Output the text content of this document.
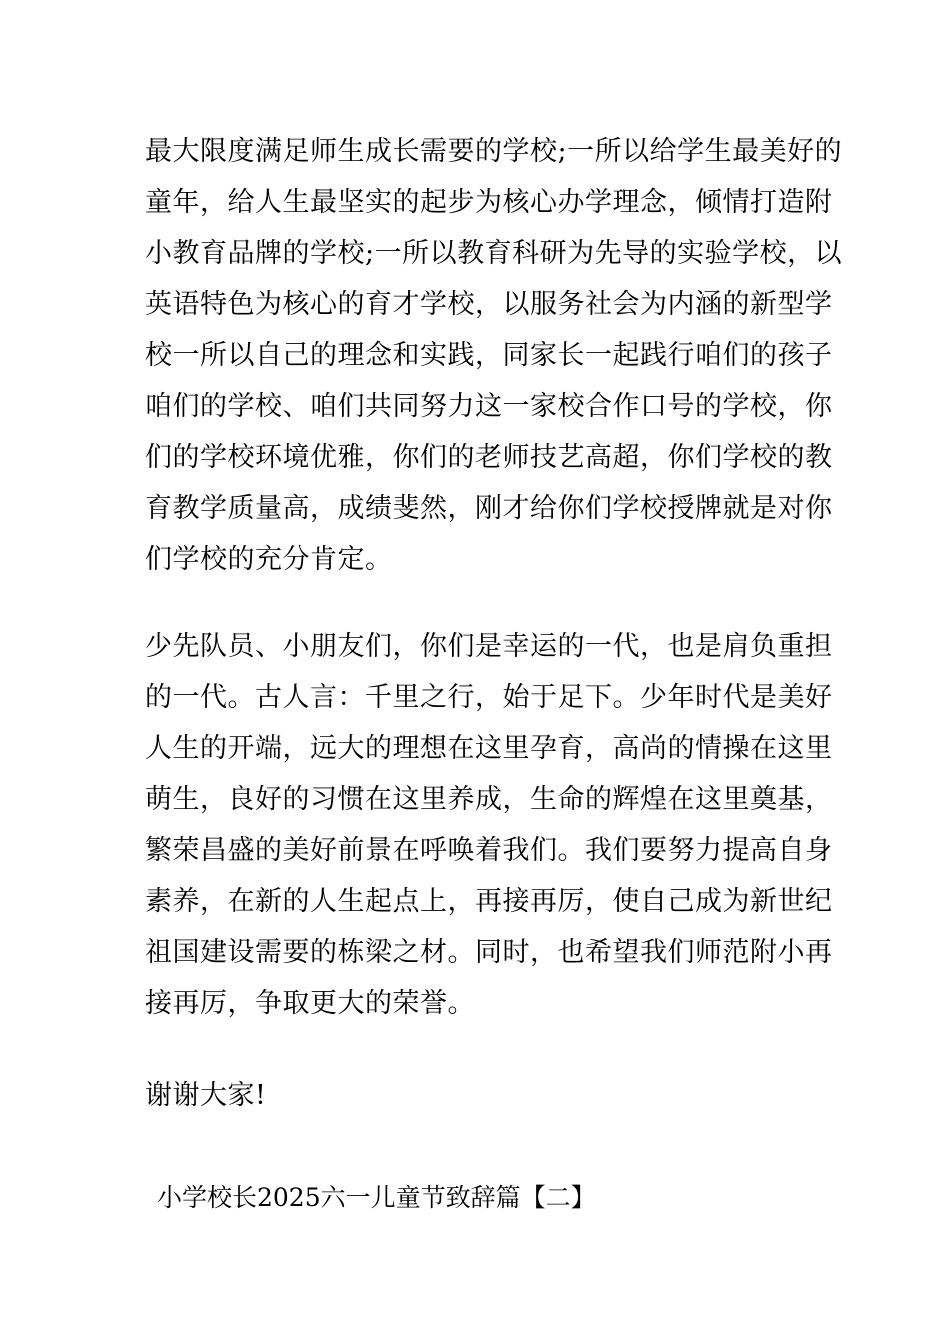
最大限度满足师生成长需要的学校;一所以给学生最美好的
童年，给人生最坚实的起步为核心办学理念，倾情打造附
小教育品牌的学校;一所以教育科研为先导的实验学校，以
英语特色为核心的育才学校，以服务社会为内涵的新型学
校一所以自己的理念和实践，同家长一起践行咱们的孩子
咱们的学校、咱们共同努力这一家校合作口号的学校，你
们的学校环境优雅，你们的老师技艺高超，你们学校的教
育教学质量高，成绩斐然，刚才给你们学校授牌就是对你
们学校的充分肯定。
少先队员、小朋友们，你们是幸运的一代，也是肩负重担
的一代。古人言：千里之行，始于足下。少年时代是美好
人生的开端，远大的理想在这里孕育，高尚的情操在这里
萌生，良好的习惯在这里养成，生命的辉煌在这里奠基，
繁荣昌盛的美好前景在呼唤着我们。我们要努力提高自身
素养，在新的人生起点上，再接再厉，使自己成为新世纪
祖国建设需要的栋梁之材。同时，也希望我们师范附小再
接再厉，争取更大的荣誉。
谢谢大家!
小学校长2025六一儿童节致辞篇【二】
